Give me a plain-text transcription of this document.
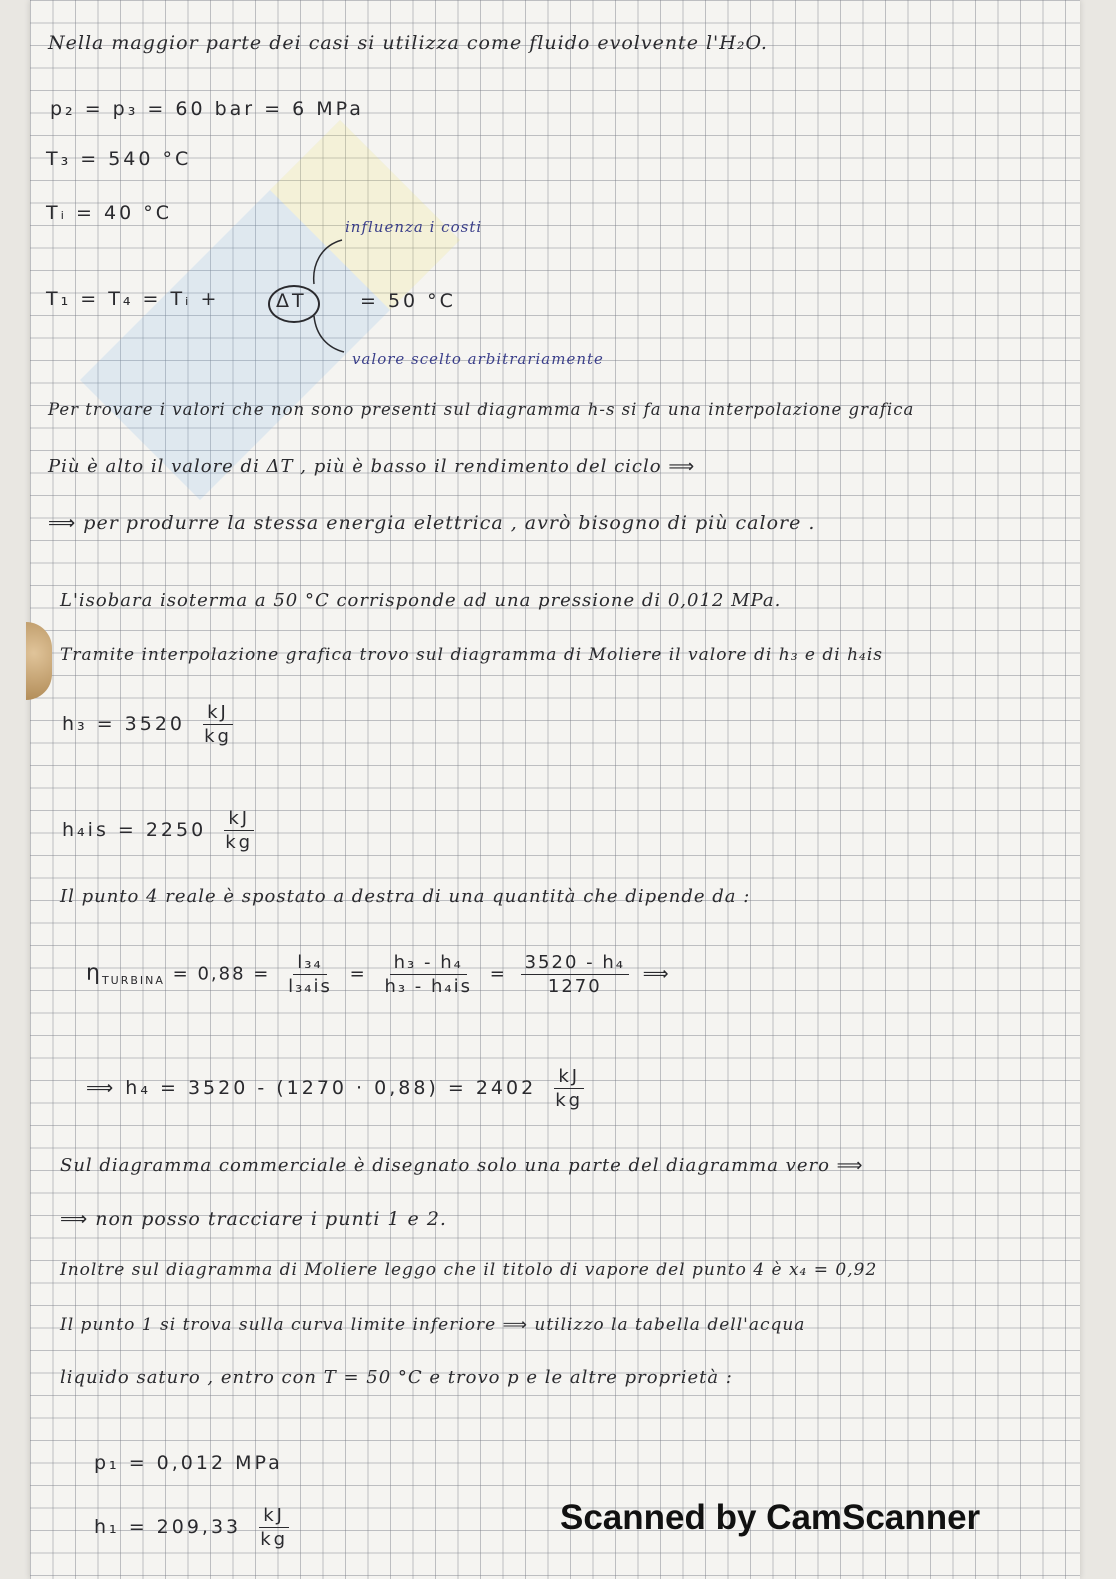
Nella maggior parte dei casi si utilizza come fluido evolvente l'H₂O.
p₂ = p₃ = 60 bar = 6 MPa
T₃ = 540 °C
Tᵢ = 40 °C
influenza i costi
T₁ = T₄ = Tᵢ +	ΔT	= 50 °C
valore scelto arbitrariamente
Per trovare i valori che non sono presenti sul diagramma h-s si fa una interpolazione grafica
Più è alto il valore di ΔT , più è basso il rendimento del ciclo ⟹
⟹ per produrre la stessa energia elettrica , avrò bisogno di più calore .
L'isobara isoterma a 50 °C corrisponde ad una pressione di 0,012 MPa.
Tramite interpolazione grafica trovo sul diagramma di Moliere il valore di h₃ e di h₄is
$h_3 = 3520 \frac{kJ}{kg}$
$h_4is = 2250 \frac{kJ}{kg}$
Il punto 4 reale è spostato a destra di una quantità che dipende da :
$\eta_{TURBINA} = 0,88 = \frac{\text{l₃₄}}{\text{l₃₄is}} = \frac{\text{h₃ - h₄}}{\text{h₃ - h₄is}} = \frac{\text{3520 - h₄}}{1270}$ ⟹
⟹ $h_4 = 3520 - (1270 \cdot 0,88) = 2402 \frac{kJ}{kg}$
Sul diagramma commerciale è disegnato solo una parte del diagramma vero ⟹
⟹ non posso tracciare i punti 1 e 2.
Inoltre sul diagramma di Moliere leggo che il titolo di vapore del punto 4 è x₄ = 0,92
Il punto 1 si trova sulla curva limite inferiore ⟹ utilizzo la tabella dell'acqua
liquido saturo , entro con T = 50 °C e trovo p e le altre proprietà :
p₁ = 0,012 MPa
$h_1 = 209,33 \frac{kJ}{kg}$	Scanned by CamScanner
